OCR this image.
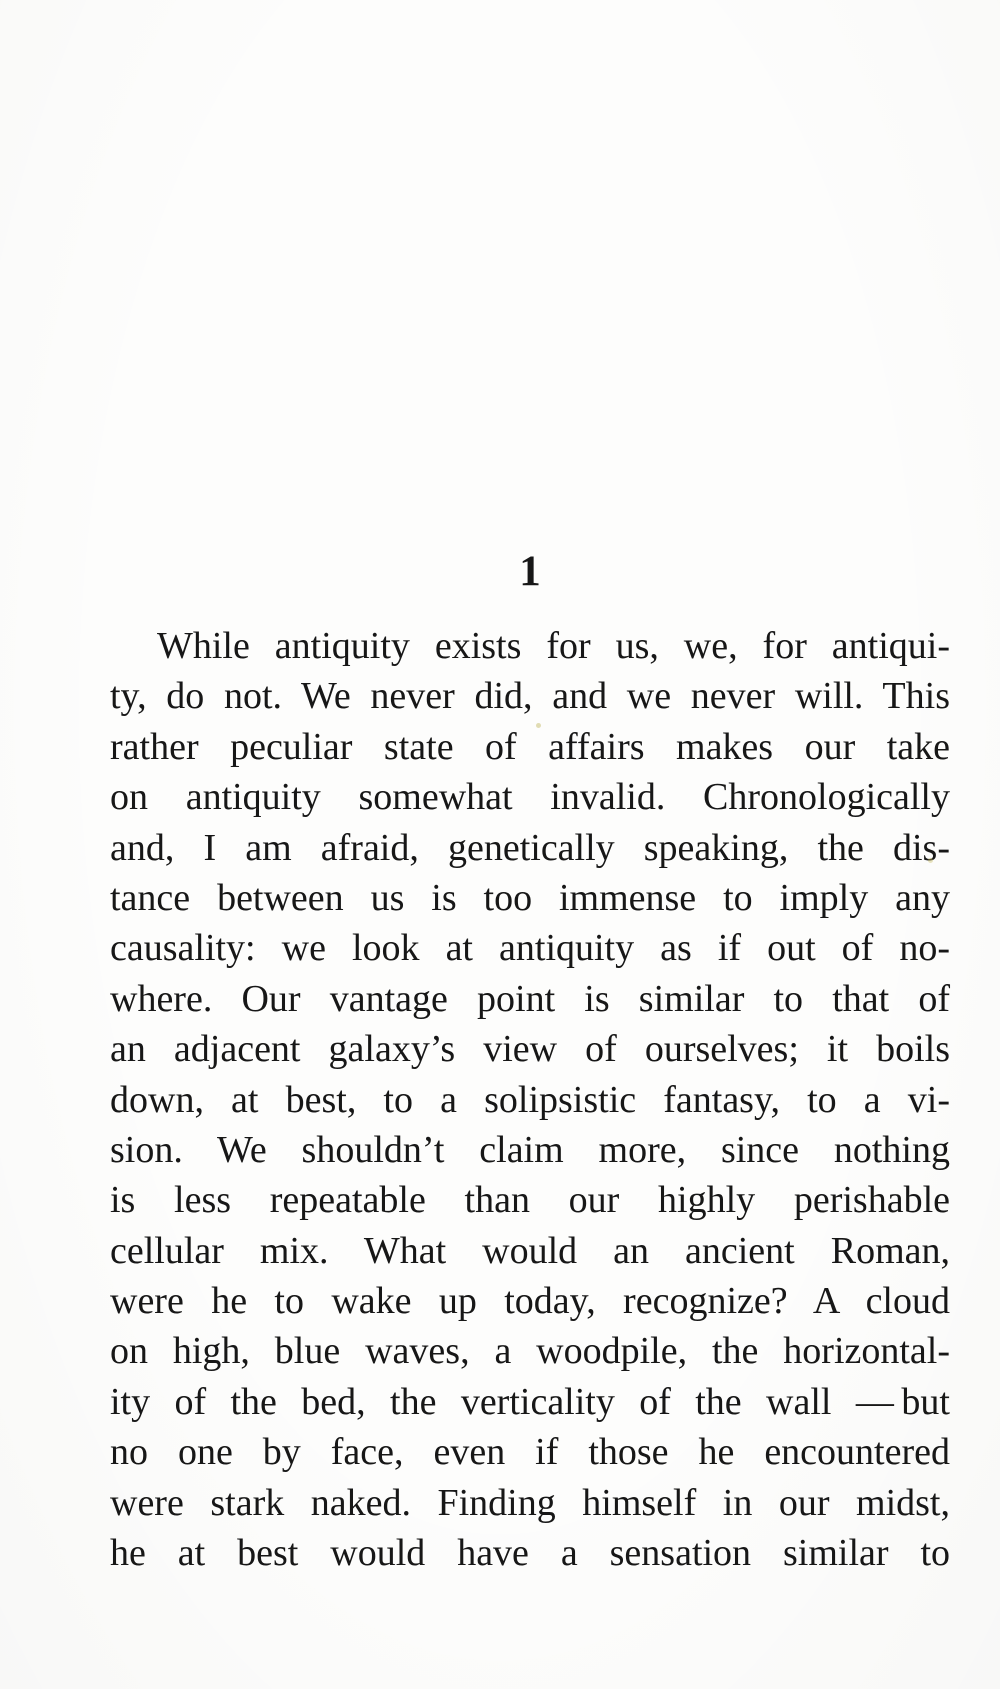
1
While antiquity exists for us, we, for antiqui-
ty, do not. We never did, and we never will. This
rather peculiar state of affairs makes our take
on antiquity somewhat invalid. Chronologically
and, I am afraid, genetically speaking, the dis-
tance between us is too immense to imply any
causality: we look at antiquity as if out of no-
where. Our vantage point is similar to that of
an adjacent galaxy’s view of ourselves; it boils
down, at best, to a solipsistic fantasy, to a vi-
sion. We shouldn’t claim more, since nothing
is less repeatable than our highly perishable
cellular mix. What would an ancient Roman,
were he to wake up today, recognize? A cloud
on high, blue waves, a woodpile, the horizontal-
ity of the bed, the verticality of the wall — but
no one by face, even if those he encountered
were stark naked. Finding himself in our midst,
he at best would have a sensation similar to
